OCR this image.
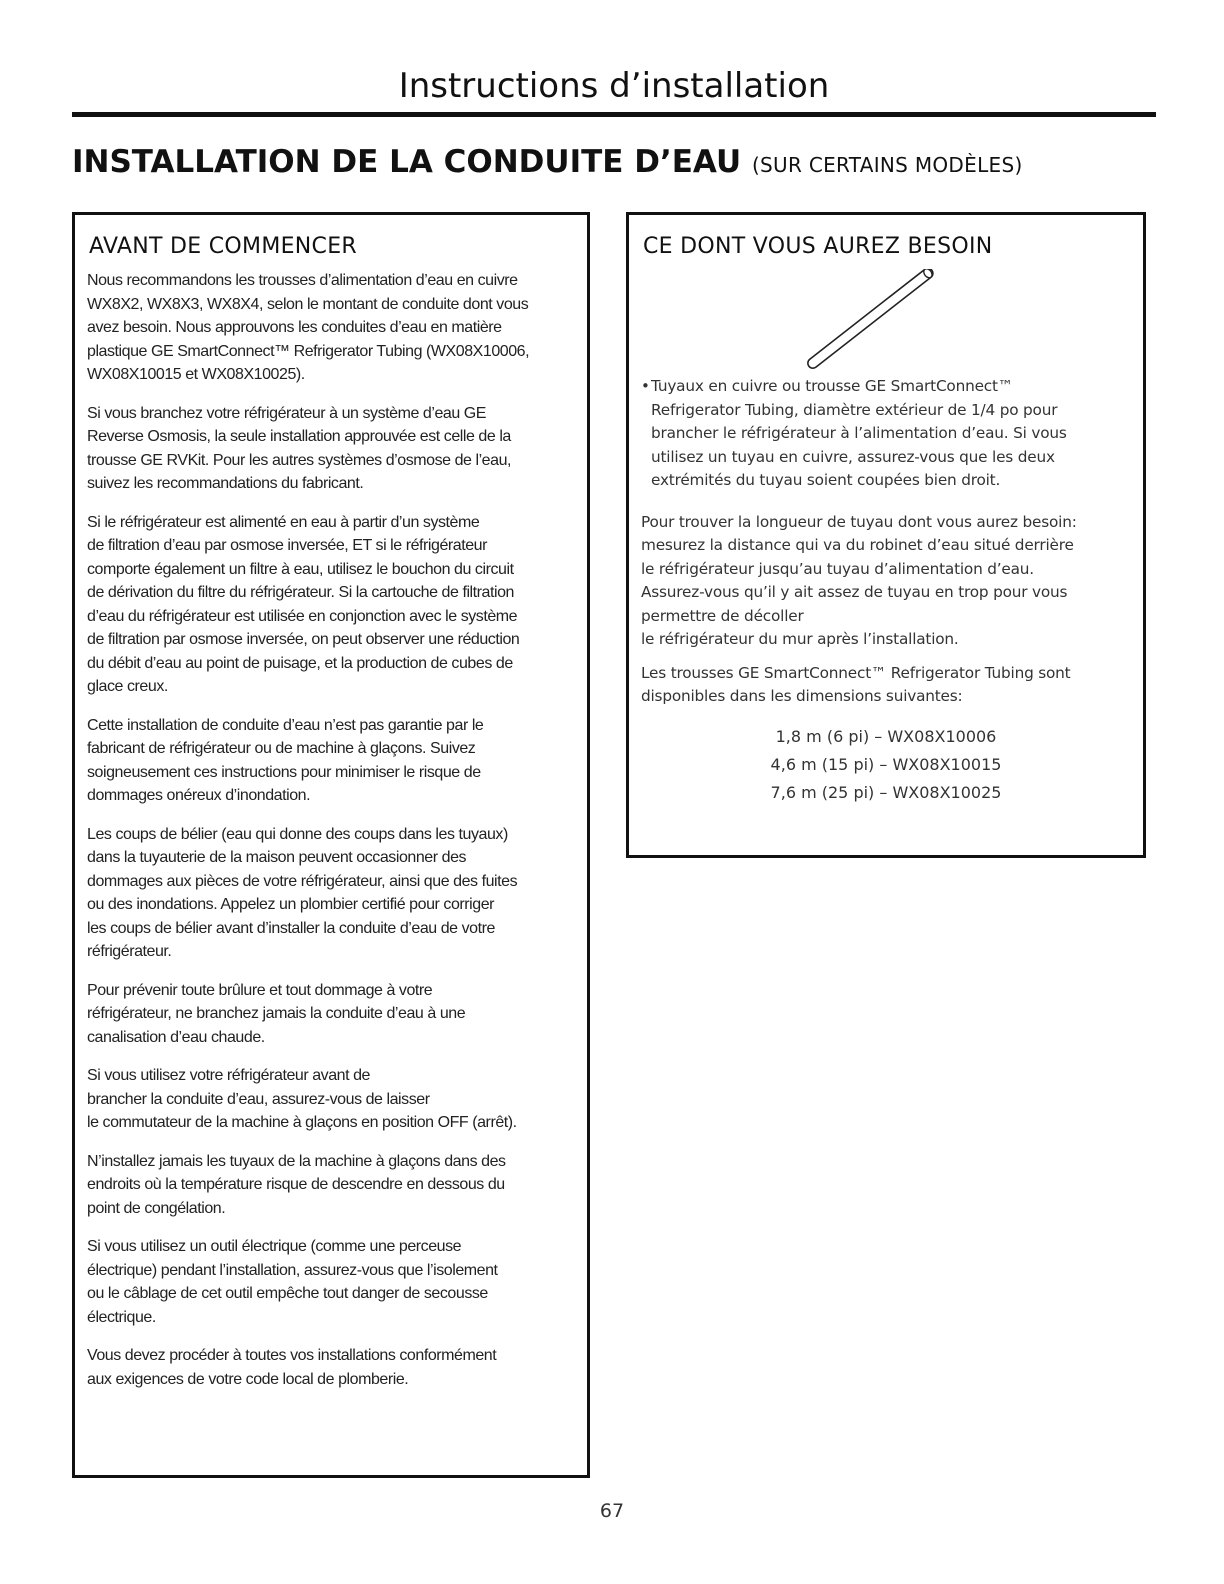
Instructions d’installation
INSTALLATION DE LA CONDUITE D’EAU (SUR CERTAINS MODÈLES)
AVANT DE COMMENCER

Nous recommandons les trousses d’alimentation d’eau en cuivre
WX8X2, WX8X3, WX8X4, selon le montant de conduite dont vous
avez besoin. Nous approuvons les conduites d’eau en matière
plastique GE SmartConnect™ Refrigerator Tubing (WX08X10006,
WX08X10015 et WX08X10025).

Si vous branchez votre réfrigérateur à un système d’eau GE
Reverse Osmosis, la seule installation approuvée est celle de la
trousse GE RVKit. Pour les autres systèmes d’osmose de l’eau,
suivez les recommandations du fabricant.

Si le réfrigérateur est alimenté en eau à partir d’un système
de filtration d’eau par osmose inversée, ET si le réfrigérateur
comporte également un filtre à eau, utilisez le bouchon du circuit
de dérivation du filtre du réfrigérateur. Si la cartouche de filtration
d’eau du réfrigérateur est utilisée en conjonction avec le système
de filtration par osmose inversée, on peut observer une réduction
du débit d’eau au point de puisage, et la production de cubes de
glace creux.

Cette installation de conduite d’eau n’est pas garantie par le
fabricant de réfrigérateur ou de machine à glaçons. Suivez
soigneusement ces instructions pour minimiser le risque de
dommages onéreux d’inondation.

Les coups de bélier (eau qui donne des coups dans les tuyaux)
dans la tuyauterie de la maison peuvent occasionner des
dommages aux pièces de votre réfrigérateur, ainsi que des fuites
ou des inondations. Appelez un plombier certifié pour corriger
les coups de bélier avant d’installer la conduite d’eau de votre
réfrigérateur.

Pour prévenir toute brûlure et tout dommage à votre
réfrigérateur, ne branchez jamais la conduite d’eau à une
canalisation d’eau chaude.

Si vous utilisez votre réfrigérateur avant de
brancher la conduite d’eau, assurez-vous de laisser
le commutateur de la machine à glaçons en position OFF (arrêt).

N’installez jamais les tuyaux de la machine à glaçons dans des
endroits où la température risque de descendre en dessous du
point de congélation.

Si vous utilisez un outil électrique (comme une perceuse
électrique) pendant l’installation, assurez-vous que l’isolement
ou le câblage de cet outil empêche tout danger de secousse
électrique.

Vous devez procéder à toutes vos installations conformément
aux exigences de votre code local de plomberie.

CE DONT VOUS AUREZ BESOIN
• Tuyaux en cuivre ou trousse GE SmartConnect™
Refrigerator Tubing, diamètre extérieur de 1/4 po pour
brancher le réfrigérateur à l’alimentation d’eau. Si vous
utilisez un tuyau en cuivre, assurez-vous que les deux
extrémités du tuyau soient coupées bien droit.

Pour trouver la longueur de tuyau dont vous aurez besoin:
mesurez la distance qui va du robinet d’eau situé derrière
le réfrigérateur jusqu’au tuyau d’alimentation d’eau.
Assurez-vous qu’il y ait assez de tuyau en trop pour vous
permettre de décoller
le réfrigérateur du mur après l’installation.

Les trousses GE SmartConnect™ Refrigerator Tubing sont
disponibles dans les dimensions suivantes:

1,8 m (6 pi) – WX08X10006
4,6 m (15 pi) – WX08X10015
7,6 m (25 pi) – WX08X10025
67
